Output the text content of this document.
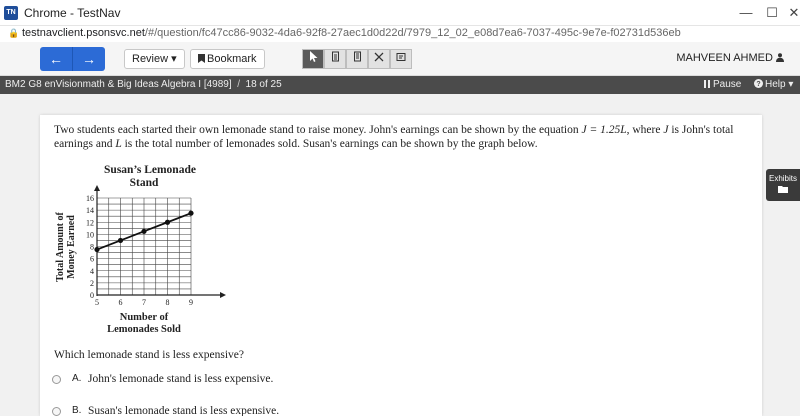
TN Chrome - TestNav	—	☐ ✕
🔒 testnavclient.psonsvc.net/#/question/fc47cc86-9032-4da6-92f8-27aec1d0d22d/7979_12_02_e08d7ea6-7037-495c-9e7e-f02731d536eb
←	→	Review ▾	Bookmark	MAHVEEN AHMED
BM2 G8 enVisionmath & Big Ideas Algebra I [4989] / 18 of 25	Pause ? Help ▾
Two students each started their own lemonade stand to raise money. John's earnings can be shown by the equation J = 1.25L, where J is John's total earnings and L is the total number of lemonades sold. Susan's earnings can be shown by the graph below.
5 6 7 8 9
0
2
4
6
8
10
12
14
16
Susan’s Lemonade
Stand
Number of
Lemonades Sold
Total Amount of Money Earned
Which lemonade stand is less expensive?
A. John's lemonade stand is less expensive.
B. Susan's lemonade stand is less expensive.
Exhibits
